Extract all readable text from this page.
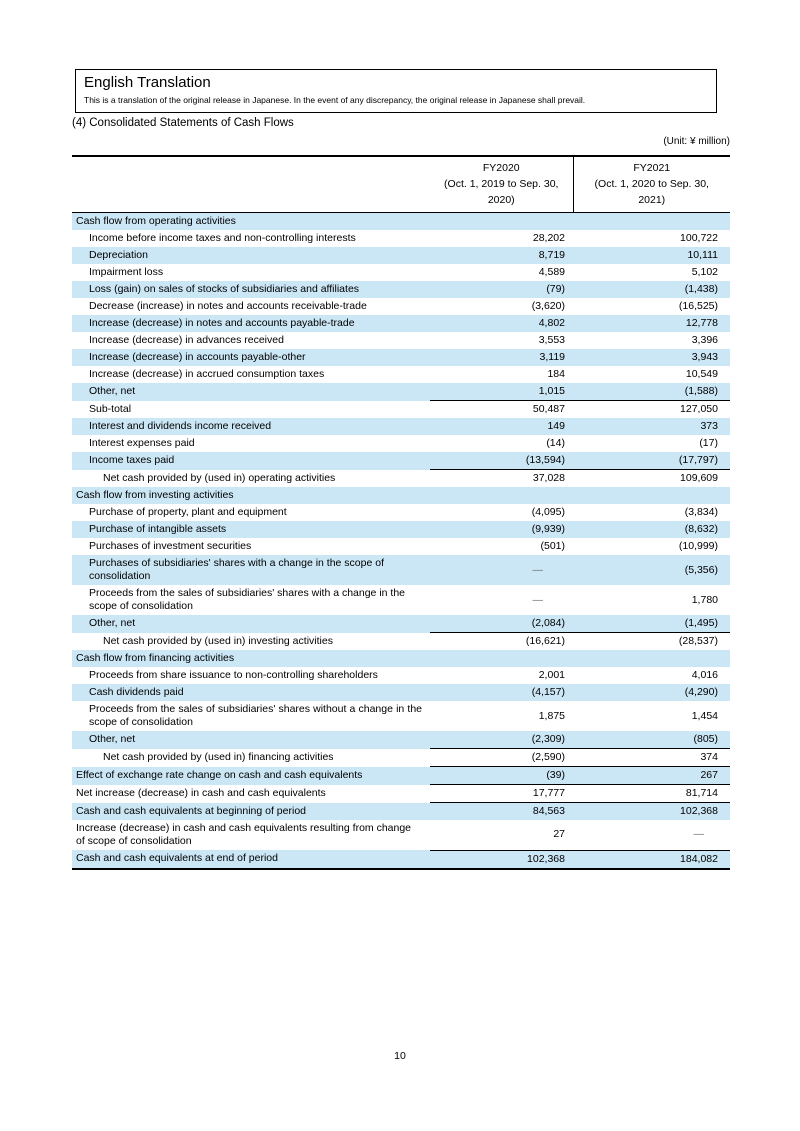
English Translation
This is a translation of the original release in Japanese. In the event of any discrepancy, the original release in Japanese shall prevail.
(4) Consolidated Statements of Cash Flows
(Unit: ¥ million)

FY2020
(Oct. 1, 2019 to Sep. 30,
2020)

FY2021
(Oct. 1, 2020 to Sep. 30,
2021)

Cash flow from operating activities		
Income before income taxes and non-controlling interests	28,202	100,722
Depreciation	8,719	10,111
Impairment loss	4,589	5,102
Loss (gain) on sales of stocks of subsidiaries and affiliates	(79)	(1,438)
Decrease (increase) in notes and accounts receivable-trade	(3,620)	(16,525)
Increase (decrease) in notes and accounts payable-trade	4,802	12,778
Increase (decrease) in advances received	3,553	3,396
Increase (decrease) in accounts payable-other	3,119	3,943
Increase (decrease) in accrued consumption taxes	184	10,549
Other, net	1,015	(1,588)
Sub-total	50,487	127,050
Interest and dividends income received	149	373
Interest expenses paid	(14)	(17)
Income taxes paid	(13,594)	(17,797)
Net cash provided by (used in) operating activities	37,028	109,609
Cash flow from investing activities		
Purchase of property, plant and equipment	(4,095)	(3,834)
Purchase of intangible assets	(9,939)	(8,632)
Purchases of investment securities	(501)	(10,999)
Purchases of subsidiaries' shares with a change in the scope of consolidation	—	(5,356)
Proceeds from the sales of subsidiaries' shares with a change in the scope of consolidation	—	1,780
Other, net	(2,084)	(1,495)
Net cash provided by (used in) investing activities	(16,621)	(28,537)
Cash flow from financing activities		
Proceeds from share issuance to non-controlling shareholders	2,001	4,016
Cash dividends paid	(4,157)	(4,290)
Proceeds from the sales of subsidiaries' shares without a change in the scope of consolidation	1,875	1,454
Other, net	(2,309)	(805)
Net cash provided by (used in) financing activities	(2,590)	374
Effect of exchange rate change on cash and cash equivalents	(39)	267
Net increase (decrease) in cash and cash equivalents	17,777	81,714
Cash and cash equivalents at beginning of period	84,563	102,368
Increase (decrease) in cash and cash equivalents resulting from change of scope of consolidation	27	—
Cash and cash equivalents at end of period	102,368	184,082
10
